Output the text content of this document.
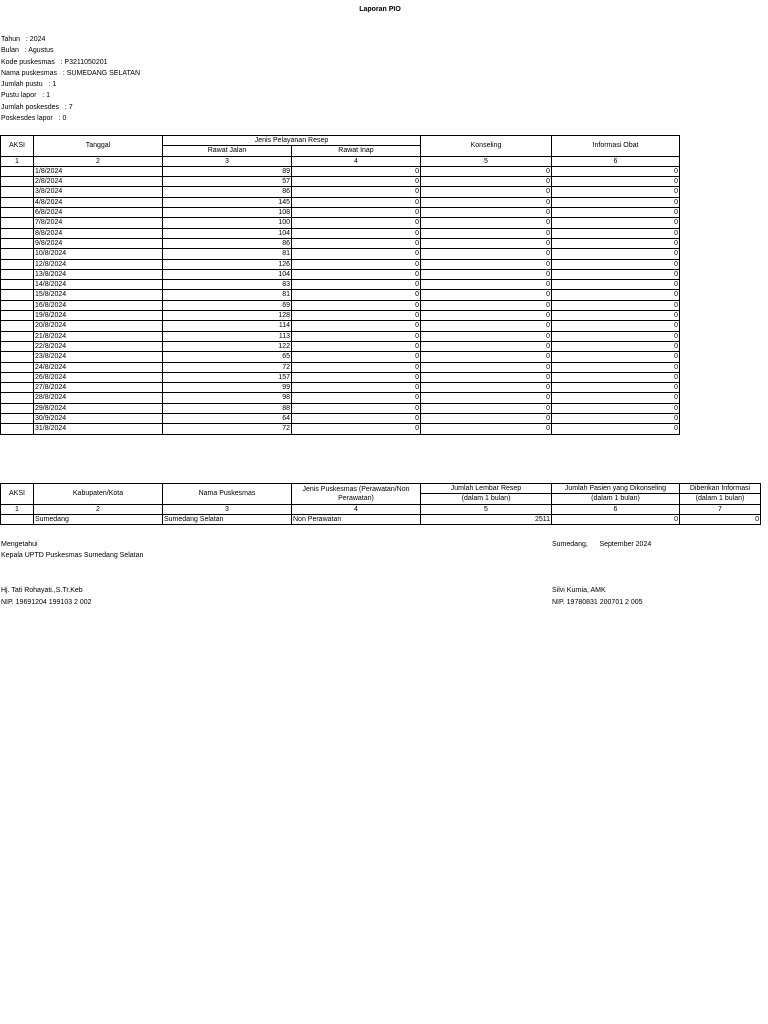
Laporan PIO
Tahun   : 2024
Bulan   : Agustus
Kode puskesmas   : P3211050201
Nama puskesmas   : SUMEDANG SELATAN
Jumlah pustu   : 1
Pustu lapor   : 1
Jumlah poskesdes   : 7
Poskesdes lapor   : 0
AKSI	Tanggal	Jenis Pelayanan Resep		Konseling	Informasi Obat
		Rawat Jalan	Rawat Inap		
1	2	3	4	5	6
	1/8/2024	89	0	0	0
	2/8/2024	57	0	0	0
	3/8/2024	86	0	0	0
	4/8/2024	145	0	0	0
	6/8/2024	108	0	0	0
	7/8/2024	100	0	0	0
	8/8/2024	104	0	0	0
	9/8/2024	86	0	0	0
	10/8/2024	81	0	0	0
	12/8/2024	126	0	0	0
	13/8/2024	104	0	0	0
	14/8/2024	83	0	0	0
	15/8/2024	81	0	0	0
	16/8/2024	69	0	0	0
	19/8/2024	128	0	0	0
	20/8/2024	114	0	0	0
	21/8/2024	113	0	0	0
	22/8/2024	122	0	0	0
	23/8/2024	65	0	0	0
	24/8/2024	72	0	0	0
	26/8/2024	157	0	0	0
	27/8/2024	99	0	0	0
	28/8/2024	98	0	0	0
	29/8/2024	88	0	0	0
	30/9/2024	64	0	0	0
	31/8/2024	72	0	0	0
AKSI	Kabupaten/Kota	Nama Puskesmas	Jenis Puskesmas (Perawatan/Non Perawatan)	Jumlah Lembar Resep	Jumlah Pasien yang Dikonseling	Diberikan Informasi
				(dalam 1 bulan)	(dalam 1 bulan)	(dalam 1 bulan)
1	2	3	4	5	6	7
	Sumedang	Sumedang Selatan	Non Perawatan	2511	0	0
Mengetahui
Kepala UPTD Puskesmas Sumedang Selatan
Hj. Tati Rohayati.,S.Tr.Keb
NIP. 19691204 199103 2 002
Sumedang,      September 2024
Silvi Kurnia, AMK
NIP. 19780831 200701 2 005
